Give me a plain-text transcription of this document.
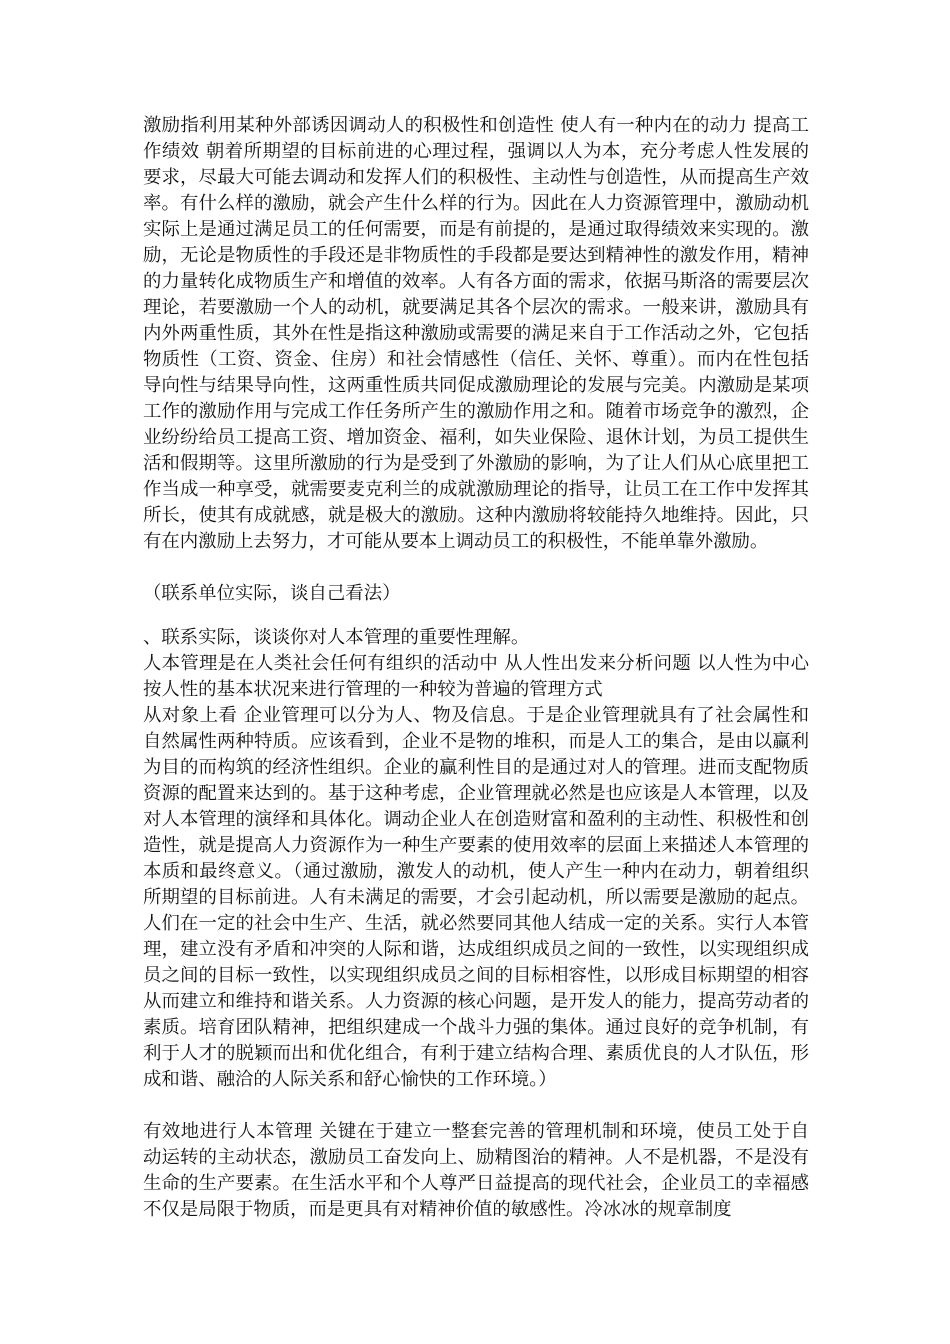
激励指利用某种外部诱因调动人的积极性和创造性 使人有一种内在的动力 提高工作绩效 朝着所期望的目标前进的心理过程，强调以人为本，充分考虑人性发展的要求，尽最大可能去调动和发挥人们的积极性、主动性与创造性，从而提高生产效率。有什么样的激励，就会产生什么样的行为。因此在人力资源管理中，激励动机实际上是通过满足员工的任何需要，而是有前提的，是通过取得绩效来实现的。激励，无论是物质性的手段还是非物质性的手段都是要达到精神性的激发作用，精神的力量转化成物质生产和增值的效率。人有各方面的需求，依据马斯洛的需要层次理论，若要激励一个人的动机，就要满足其各个层次的需求。一般来讲，激励具有内外两重性质，其外在性是指这种激励或需要的满足来自于工作活动之外，它包括物质性（工资、资金、住房）和社会情感性（信任、关怀、尊重）。而内在性包括导向性与结果导向性，这两重性质共同促成激励理论的发展与完美。内激励是某项工作的激励作用与完成工作任务所产生的激励作用之和。随着市场竞争的激烈，企业纷纷给员工提高工资、增加资金、福利，如失业保险、退休计划，为员工提供生活和假期等。这里所激励的行为是受到了外激励的影响，为了让人们从心底里把工作当成一种享受，就需要麦克利兰的成就激励理论的指导，让员工在工作中发挥其所长，使其有成就感，就是极大的激励。这种内激励将较能持久地维持。因此，只有在内激励上去努力，才可能从要本上调动员工的积极性，不能单靠外激励。

（联系单位实际，谈自己看法）

、联系实际，谈谈你对人本管理的重要性理解。

人本管理是在人类社会任何有组织的活动中 从人性出发来分析问题 以人性为中心 按人性的基本状况来进行管理的一种较为普遍的管理方式

从对象上看 企业管理可以分为人、物及信息。于是企业管理就具有了社会属性和自然属性两种特质。应该看到，企业不是物的堆积，而是人工的集合，是由以赢利为目的而构筑的经济性组织。企业的赢利性目的是通过对人的管理。进而支配物质资源的配置来达到的。基于这种考虑，企业管理就必然是也应该是人本管理，以及对人本管理的演绎和具体化。调动企业人在创造财富和盈利的主动性、积极性和创造性，就是提高人力资源作为一种生产要素的使用效率的层面上来描述人本管理的本质和最终意义。（通过激励，激发人的动机，使人产生一种内在动力，朝着组织所期望的目标前进。人有未满足的需要，才会引起动机，所以需要是激励的起点。人们在一定的社会中生产、生活，就必然要同其他人结成一定的关系。实行人本管理，建立没有矛盾和冲突的人际和谐，达成组织成员之间的一致性，以实现组织成员之间的目标一致性，以实现组织成员之间的目标相容性，以形成目标期望的相容从而建立和维持和谐关系。人力资源的核心问题，是开发人的能力，提高劳动者的素质。培育团队精神，把组织建成一个战斗力强的集体。通过良好的竞争机制，有利于人才的脱颖而出和优化组合，有利于建立结构合理、素质优良的人才队伍，形成和谐、融洽的人际关系和舒心愉快的工作环境。）

有效地进行人本管理 关键在于建立一整套完善的管理机制和环境，使员工处于自动运转的主动状态，激励员工奋发向上、励精图治的精神。人不是机器，不是没有生命的生产要素。在生活水平和个人尊严日益提高的现代社会，企业员工的幸福感不仅是局限于物质，而是更具有对精神价值的敏感性。冷冰冰的规章制度
